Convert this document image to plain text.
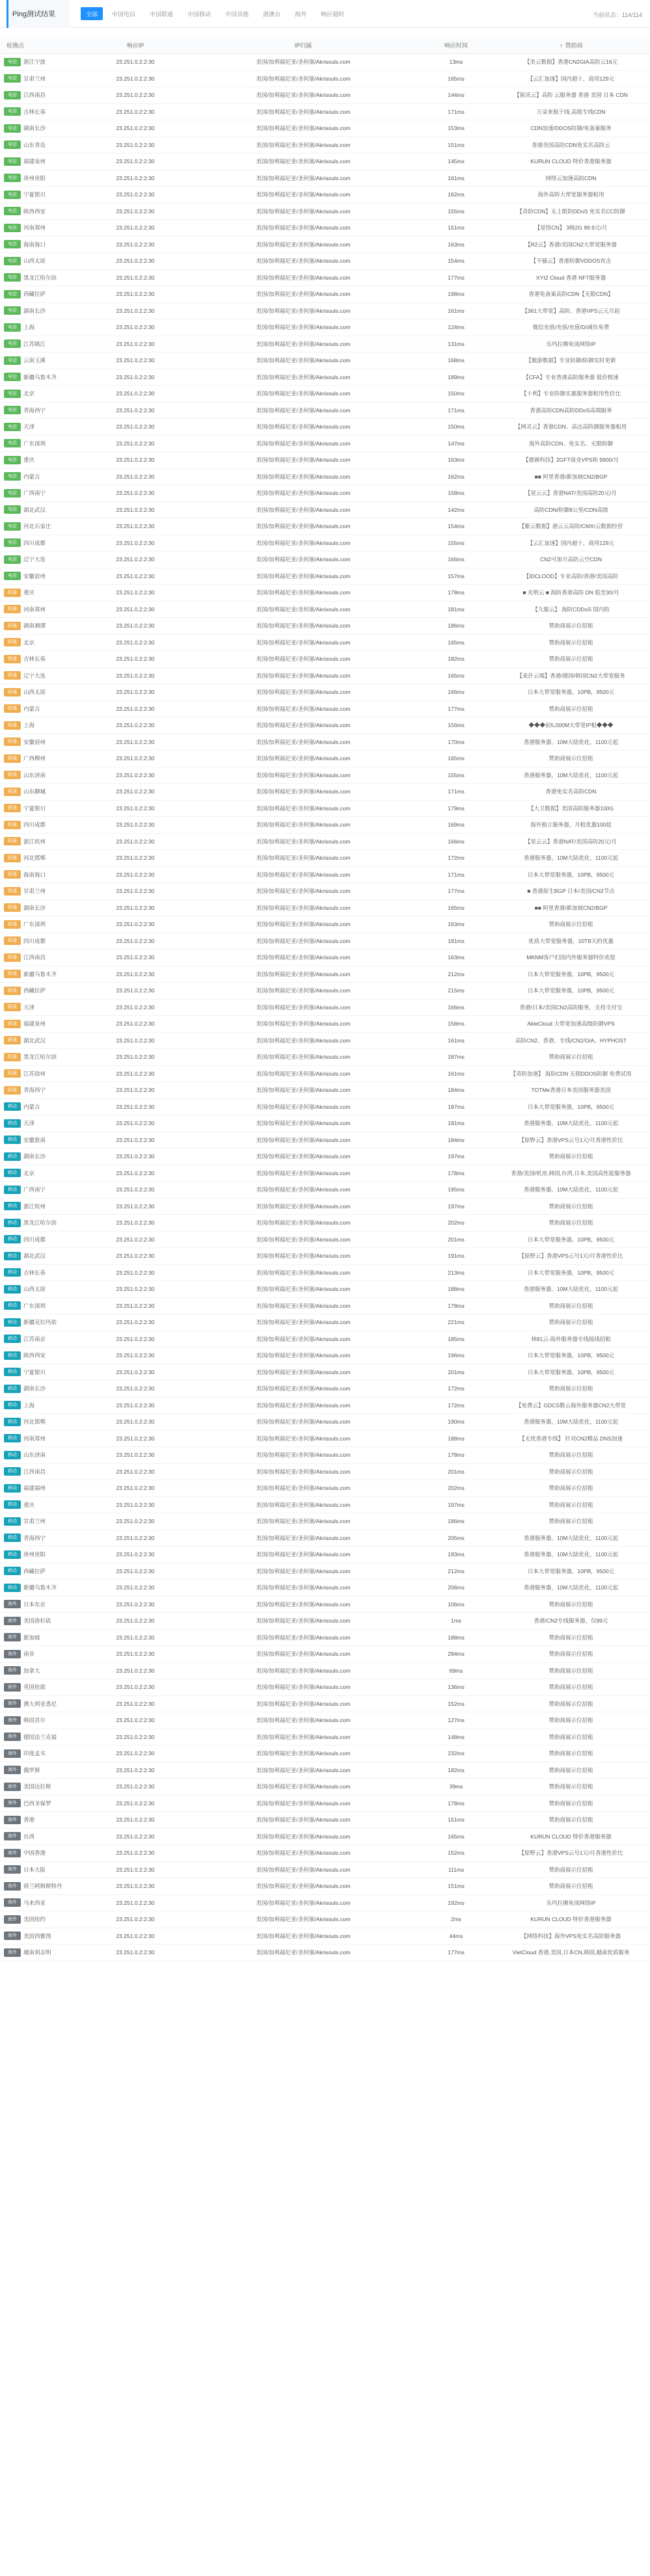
Ping测试结果	全部	中国电信	中国联通	中国移动	中国其他	港澳台	海外	响应超时	当前状态：114/114
检测点	响应IP	IP归属	响应时间	♀ 赞助商
电信	浙江宁波	23.251.0.2:2:30	美国/加利福尼亚/圣何塞/Akrisouls.com	13ms	【美云数据】香港CN2GIA高防云16元
电信	甘肃兰州	23.251.0.2:2:30	美国/加利福尼亚/圣何塞/Akrisouls.com	165ms	【云汇加速】国内超十，商用129元
电信	江西南昌	23.251.0.2:2:30	美国/加利福尼亚/圣何塞/Akrisouls.com	144ms	【锐讯云】高防 云服务器 香港 美国 日本 CDN
电信	吉林长春	23.251.0.2:2:30	美国/加利福尼亚/圣何塞/Akrisouls.com	171ms	万朵来租干线,高级专线CDN
电信	湖南长沙	23.251.0.2:2:30	美国/加利福尼亚/圣何塞/Akrisouls.com	153ms	CDN加速/DDOS防御/免备案服务
电信	山东青岛	23.251.0.2:2:30	美国/加利福尼亚/圣何塞/Akrisouls.com	151ms	香港美国高防CDN免实名高防云
电信	福建泉州	23.251.0.2:2:30	美国/加利福尼亚/圣何塞/Akrisouls.com	145ms	KURUN CLOUD 特价香港服务器
电信	贵州贵阳	23.251.0.2:2:30	美国/加利福尼亚/圣何塞/Akrisouls.com	161ms	网络云加速高防CDN
电信	宁夏银川	23.251.0.2:2:30	美国/加利福尼亚/圣何塞/Akrisouls.com	162ms	海外高防大带宽服务器租用
电信	陕西西安	23.251.0.2:2:30	美国/加利福尼亚/圣何塞/Akrisouls.com	155ms	【奇防CDN】无上限防DDoS 免实名CC防御
电信	河南郑州	23.251.0.2:2:30	美国/加利福尼亚/圣何塞/Akrisouls.com	151ms	【星络CN】 3核2G 99.9元/月
电信	海南海口	23.251.0.2:2:30	美国/加利福尼亚/圣何塞/Akrisouls.com	163ms	【R2云】香港/美国CN2大带宽服务器
电信	山西太原	23.251.0.2:2:30	美国/加利福尼亚/圣何塞/Akrisouls.com	154ms	【不骚云】香港防御VDDOS攻击
电信	黑龙江哈尔滨	23.251.0.2:2:30	美国/加利福尼亚/圣何塞/Akrisouls.com	177ms	XYIZ Cloud 香港 NFT服务器
电信	西藏拉萨	23.251.0.2:2:30	美国/加利福尼亚/圣何塞/Akrisouls.com	198ms	香港免备案高防CDN【无限CDN】
电信	湖南长沙	23.251.0.2:2:30	美国/加利福尼亚/圣何塞/Akrisouls.com	161ms	【361大带宽】高防、香港VPS云元月起
电信	上海	23.251.0.2:2:30	美国/加利福尼亚/圣何塞/Akrisouls.com	124ms	微信充值/充值/充值/D/减负免费
电信	江苏镇江	23.251.0.2:2:30	美国/加利福尼亚/圣何塞/Akrisouls.com	131ms	乐玛拉拂免谈网络IP
电信	云南玉溪	23.251.0.2:2:30	美国/加利福尼亚/圣何塞/Akrisouls.com	168ms	【傲游数据】专业防御/防御实时更新
电信	新疆乌鲁木齐	23.251.0.2:2:30	美国/加利福尼亚/圣何塞/Akrisouls.com	189ms	【CFA】专业香港高防服务器 低价极速
电信	北京	23.251.0.2:2:30	美国/加利福尼亚/圣何塞/Akrisouls.com	150ms	【十利】专业防御实惠服务器租用性价比
电信	青海西宁	23.251.0.2:2:30	美国/加利福尼亚/圣何塞/Akrisouls.com	171ms	香港高防CDN高防DDoS高端服务
电信	天津	23.251.0.2:2:30	美国/加利福尼亚/圣何塞/Akrisouls.com	150ms	【网灵云】香港CDN、高达高防御服务器租用
电信	广东深圳	23.251.0.2:2:30	美国/加利福尼亚/圣何塞/Akrisouls.com	147ms	海外高防CDN、免实名、无限防御
电信	重庆	23.251.0.2:2:30	美国/加利福尼亚/圣何塞/Akrisouls.com	163ms	【德旗科技】2GFT商业VPS和 9900/月
电信	内蒙古	23.251.0.2:2:30	美国/加利福尼亚/圣何塞/Akrisouls.com	162ms	■■ 阿里香港/新加坡CN2/BGP
电信	广西南宁	23.251.0.2:2:30	美国/加利福尼亚/圣何塞/Akrisouls.com	158ms	【星云云】香港NAT/美国高防20元/月
电信	湖北武汉	23.251.0.2:2:30	美国/加利福尼亚/圣何塞/Akrisouls.com	142ms	高防CDN/防御8公里/CDN高级
电信	河北石家庄	23.251.0.2:2:30	美国/加利福尼亚/圣何塞/Akrisouls.com	154ms	【紫云数据】港云云高防/CMX/云数据经营
电信	四川成都	23.251.0.2:2:30	美国/加利福尼亚/圣何塞/Akrisouls.com	155ms	【云汇加速】国内超十，商用129元
电信	辽宁大连	23.251.0.2:2:30	美国/加利福尼亚/圣何塞/Akrisouls.com	166ms	CN2可加方高防云空CDN
电信	安徽宿州	23.251.0.2:2:30	美国/加利福尼亚/圣何塞/Akrisouls.com	157ms	【IDCLOOD】专业高防/香港/美国高防
联通	重庆	23.251.0.2:2:30	美国/加利福尼亚/圣何塞/Akrisouls.com	178ms	■ 光明云 ■ 海防香港高防 DN 低至30/月
联通	河南郑州	23.251.0.2:2:30	美国/加利福尼亚/圣何塞/Akrisouls.com	181ms	【九服云】 海防CDDoS 国内防
联通	湖南湘潭	23.251.0.2:2:30	美国/加利福尼亚/圣何塞/Akrisouls.com	186ms	赞助商展示位招租
联通	北京	23.251.0.2:2:30	美国/加利福尼亚/圣何塞/Akrisouls.com	165ms	赞助商展示位招租
联通	吉林长春	23.251.0.2:2:30	美国/加利福尼亚/圣何塞/Akrisouls.com	182ms	赞助商展示位招租
联通	辽宁大连	23.251.0.2:2:30	美国/加利福尼亚/圣何塞/Akrisouls.com	165ms	【麦扑云端】香港/德国/韩国CN2大带宽服务
联通	山西太原	23.251.0.2:2:30	美国/加利福尼亚/圣何塞/Akrisouls.com	166ms	日本大带宽服务器，10PB，9500元
联通	内蒙古	23.251.0.2:2:30	美国/加利福尼亚/圣何塞/Akrisouls.com	177ms	赞助商展示位招租
联通	上海	23.251.0.2:2:30	美国/加利福尼亚/圣何塞/Akrisouls.com	156ms	◆◆◆前5,000M大带宽IP租◆◆◆
联通	安徽宿州	23.251.0.2:2:30	美国/加利福尼亚/圣何塞/Akrisouls.com	170ms	香港服务器，10M大陆优化，1100元起
联通	广西柳州	23.251.0.2:2:30	美国/加利福尼亚/圣何塞/Akrisouls.com	165ms	赞助商展示位招租
联通	山东济南	23.251.0.2:2:30	美国/加利福尼亚/圣何塞/Akrisouls.com	155ms	香港服务器，10M大陆优化，1100元起
联通	山东聊城	23.251.0.2:2:30	美国/加利福尼亚/圣何塞/Akrisouls.com	171ms	香港免实名高防CDN
联通	宁夏银川	23.251.0.2:2:30	美国/加利福尼亚/圣何塞/Akrisouls.com	179ms	【大卫数据】美国高防服务器100G
联通	四川成都	23.251.0.2:2:30	美国/加利福尼亚/圣何塞/Akrisouls.com	169ms	海外独立服务器，月租优惠100起
联通	浙江杭州	23.251.0.2:2:30	美国/加利福尼亚/圣何塞/Akrisouls.com	166ms	【星云云】香港NAT/美国高防20元/月
联通	河北邯郸	23.251.0.2:2:30	美国/加利福尼亚/圣何塞/Akrisouls.com	172ms	香港服务器，10M大陆优化，1100元起
联通	海南海口	23.251.0.2:2:30	美国/加利福尼亚/圣何塞/Akrisouls.com	171ms	日本大带宽服务器，10PB，9500元
联通	甘肃兰州	23.251.0.2:2:30	美国/加利福尼亚/圣何塞/Akrisouls.com	177ms	■ 香港原生BGP 日本/美国/CN2节点
联通	湖南长沙	23.251.0.2:2:30	美国/加利福尼亚/圣何塞/Akrisouls.com	165ms	■■ 阿里香港/新加坡CN2/BGP
联通	广东深圳	23.251.0.2:2:30	美国/加利福尼亚/圣何塞/Akrisouls.com	163ms	赞助商展示位招租
联通	四川成都	23.251.0.2:2:30	美国/加利福尼亚/圣何塞/Akrisouls.com	181ms	优质大带宽服务器，10TB天的优惠
联通	江西南昌	23.251.0.2:2:30	美国/加利福尼亚/圣何塞/Akrisouls.com	163ms	MKNM客户们国内外服务器特价欢迎
联通	新疆乌鲁木齐	23.251.0.2:2:30	美国/加利福尼亚/圣何塞/Akrisouls.com	212ms	日本大带宽服务器，10PB，9500元
联通	西藏拉萨	23.251.0.2:2:30	美国/加利福尼亚/圣何塞/Akrisouls.com	215ms	日本大带宽服务器，10PB，9500元
联通	天津	23.251.0.2:2:30	美国/加利福尼亚/圣何塞/Akrisouls.com	166ms	香港/日本/美国CN2高防服务，支持支付宝
联通	福建泉州	23.251.0.2:2:30	美国/加利福尼亚/圣何塞/Akrisouls.com	158ms	AkleCloud 大带宽加速高级防御VPS
联通	湖北武汉	23.251.0.2:2:30	美国/加利福尼亚/圣何塞/Akrisouls.com	161ms	高防CN2、香港、专线/CN2/GIA、HYPHOST
联通	黑龙江哈尔滨	23.251.0.2:2:30	美国/加利福尼亚/圣何塞/Akrisouls.com	187ms	赞助商展示位招租
联通	江苏徐州	23.251.0.2:2:30	美国/加利福尼亚/圣何塞/Akrisouls.com	161ms	【奇防加速】 海防CDN 无损DDOS防御 免费试用
联通	青海西宁	23.251.0.2:2:30	美国/加利福尼亚/圣何塞/Akrisouls.com	184ms	TOTMe香港日本美国服务器美国
移动	内蒙古	23.251.0.2:2:30	美国/加利福尼亚/圣何塞/Akrisouls.com	187ms	日本大带宽服务器，10PB，9500元
移动	天津	23.251.0.2:2:30	美国/加利福尼亚/圣何塞/Akrisouls.com	181ms	香港服务器，10M大陆优化，1100元起
移动	安徽淮南	23.251.0.2:2:30	美国/加利福尼亚/圣何塞/Akrisouls.com	184ms	【原野云】香港VPS云号1元/月香港性价比
移动	湖南长沙	23.251.0.2:2:30	美国/加利福尼亚/圣何塞/Akrisouls.com	197ms	赞助商展示位招租
移动	北京	23.251.0.2:2:30	美国/加利福尼亚/圣何塞/Akrisouls.com	178ms	香港/美国/机房,韩国,台湾,日本,美国高性能服务器
移动	广西南宁	23.251.0.2:2:30	美国/加利福尼亚/圣何塞/Akrisouls.com	195ms	香港服务器，10M大陆优化，1100元起
移动	浙江杭州	23.251.0.2:2:30	美国/加利福尼亚/圣何塞/Akrisouls.com	197ms	赞助商展示位招租
移动	黑龙江哈尔滨	23.251.0.2:2:30	美国/加利福尼亚/圣何塞/Akrisouls.com	202ms	赞助商展示位招租
移动	四川成都	23.251.0.2:2:30	美国/加利福尼亚/圣何塞/Akrisouls.com	201ms	日本大带宽服务器，10PB，9500元
移动	湖北武汉	23.251.0.2:2:30	美国/加利福尼亚/圣何塞/Akrisouls.com	191ms	【原野云】香港VPS云号1元/月香港性价比
移动	吉林长春	23.251.0.2:2:30	美国/加利福尼亚/圣何塞/Akrisouls.com	213ms	日本大带宽服务器，10PB，9500元
移动	山西太原	23.251.0.2:2:30	美国/加利福尼亚/圣何塞/Akrisouls.com	188ms	香港服务器，10M大陆优化，1100元起
移动	广东深圳	23.251.0.2:2:30	美国/加利福尼亚/圣何塞/Akrisouls.com	178ms	赞助商展示位招租
移动	新疆克拉玛依	23.251.0.2:2:30	美国/加利福尼亚/圣何塞/Akrisouls.com	221ms	赞助商展示位招租
移动	江苏南京	23.251.0.2:2:30	美国/加利福尼亚/圣何塞/Akrisouls.com	185ms	林81云-海外服务器专线接线招租
移动	陕西西安	23.251.0.2:2:30	美国/加利福尼亚/圣何塞/Akrisouls.com	196ms	日本大带宽服务器，10PB，9500元
移动	宁夏银川	23.251.0.2:2:30	美国/加利福尼亚/圣何塞/Akrisouls.com	201ms	日本大带宽服务器，10PB，9500元
移动	湖南长沙	23.251.0.2:2:30	美国/加利福尼亚/圣何塞/Akrisouls.com	172ms	赞助商展示位招租
移动	上海	23.251.0.2:2:30	美国/加利福尼亚/圣何塞/Akrisouls.com	172ms	【免费云】GDCS数云海外服务器CN2大带宽
移动	河北邯郸	23.251.0.2:2:30	美国/加利福尼亚/圣何塞/Akrisouls.com	190ms	香港服务器，10M大陆优化，1100元起
移动	河南郑州	23.251.0.2:2:30	美国/加利福尼亚/圣何塞/Akrisouls.com	188ms	【无忧香港专线】 针对CN2精品 DNS加速
移动	山东济南	23.251.0.2:2:30	美国/加利福尼亚/圣何塞/Akrisouls.com	178ms	赞助商展示位招租
移动	江西南昌	23.251.0.2:2:30	美国/加利福尼亚/圣何塞/Akrisouls.com	201ms	赞助商展示位招租
移动	福建福州	23.251.0.2:2:30	美国/加利福尼亚/圣何塞/Akrisouls.com	202ms	赞助商展示位招租
移动	重庆	23.251.0.2:2:30	美国/加利福尼亚/圣何塞/Akrisouls.com	197ms	赞助商展示位招租
移动	甘肃兰州	23.251.0.2:2:30	美国/加利福尼亚/圣何塞/Akrisouls.com	186ms	赞助商展示位招租
移动	青海西宁	23.251.0.2:2:30	美国/加利福尼亚/圣何塞/Akrisouls.com	205ms	香港服务器，10M大陆优化，1100元起
移动	贵州贵阳	23.251.0.2:2:30	美国/加利福尼亚/圣何塞/Akrisouls.com	193ms	香港服务器，10M大陆优化，1100元起
移动	西藏拉萨	23.251.0.2:2:30	美国/加利福尼亚/圣何塞/Akrisouls.com	212ms	日本大带宽服务器，10PB，9500元
移动	新疆乌鲁木齐	23.251.0.2:2:30	美国/加利福尼亚/圣何塞/Akrisouls.com	206ms	香港服务器，10M大陆优化，1100元起
海外	日本东京	23.251.0.2:2:30	美国/加利福尼亚/圣何塞/Akrisouls.com	106ms	赞助商展示位招租
海外	美国洛杉矶	23.251.0.2:2:30	美国/加利福尼亚/圣何塞/Akrisouls.com	1ms	香港/CN2专线服务器，仅99元
海外	新加坡	23.251.0.2:2:30	美国/加利福尼亚/圣何塞/Akrisouls.com	188ms	赞助商展示位招租
海外	南非	23.251.0.2:2:30	美国/加利福尼亚/圣何塞/Akrisouls.com	294ms	赞助商展示位招租
海外	加拿大	23.251.0.2:2:30	美国/加利福尼亚/圣何塞/Akrisouls.com	69ms	赞助商展示位招租
海外	英国伦敦	23.251.0.2:2:30	美国/加利福尼亚/圣何塞/Akrisouls.com	136ms	赞助商展示位招租
海外	澳大利亚悉尼	23.251.0.2:2:30	美国/加利福尼亚/圣何塞/Akrisouls.com	152ms	赞助商展示位招租
海外	韩国首尔	23.251.0.2:2:30	美国/加利福尼亚/圣何塞/Akrisouls.com	127ms	赞助商展示位招租
海外	德国法兰克福	23.251.0.2:2:30	美国/加利福尼亚/圣何塞/Akrisouls.com	148ms	赞助商展示位招租
海外	印度孟买	23.251.0.2:2:30	美国/加利福尼亚/圣何塞/Akrisouls.com	232ms	赞助商展示位招租
海外	俄罗斯	23.251.0.2:2:30	美国/加利福尼亚/圣何塞/Akrisouls.com	182ms	赞助商展示位招租
海外	美国达拉斯	23.251.0.2:2:30	美国/加利福尼亚/圣何塞/Akrisouls.com	39ms	赞助商展示位招租
海外	巴西圣保罗	23.251.0.2:2:30	美国/加利福尼亚/圣何塞/Akrisouls.com	178ms	赞助商展示位招租
海外	香港	23.251.0.2:2:30	美国/加利福尼亚/圣何塞/Akrisouls.com	151ms	赞助商展示位招租
海外	台湾	23.251.0.2:2:30	美国/加利福尼亚/圣何塞/Akrisouls.com	165ms	KURUN CLOUD 特价香港服务器
海外	中国香港	23.251.0.2:2:30	美国/加利福尼亚/圣何塞/Akrisouls.com	152ms	【原野云】香港VPS云号1元/月香港性价比
海外	日本大阪	23.251.0.2:2:30	美国/加利福尼亚/圣何塞/Akrisouls.com	111ms	赞助商展示位招租
海外	荷兰阿姆斯特丹	23.251.0.2:2:30	美国/加利福尼亚/圣何塞/Akrisouls.com	151ms	赞助商展示位招租
海外	马来西亚	23.251.0.2:2:30	美国/加利福尼亚/圣何塞/Akrisouls.com	192ms	乐玛拉拂免谈网络IP
海外	美国纽约	23.251.0.2:2:30	美国/加利福尼亚/圣何塞/Akrisouls.com	2ms	KURUN CLOUD 特价香港服务器
海外	美国西雅图	23.251.0.2:2:30	美国/加利福尼亚/圣何塞/Akrisouls.com	44ms	【网络科技】海外VPS免实名高防服务器
海外	越南胡志明	23.251.0.2:2:30	美国/加利福尼亚/圣何塞/Akrisouls.com	177ms	VietCloud 香港,美国,日本CN,韩国,越南优质服务
